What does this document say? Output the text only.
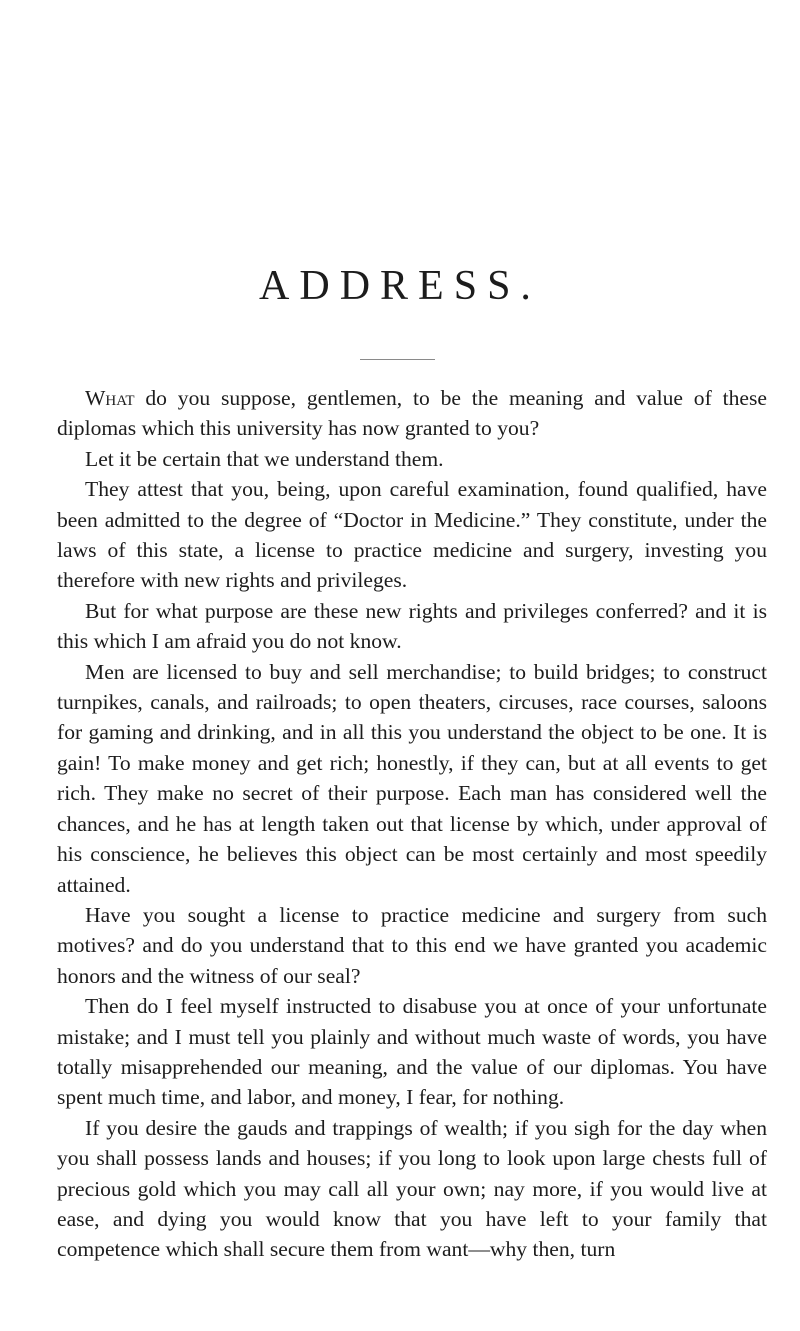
ADDRESS.

What do you suppose, gentlemen, to be the meaning and value of these diplomas which this university has now granted to you?

Let it be certain that we understand them.

They attest that you, being, upon careful examination, found qualified, have been admitted to the degree of “Doctor in Medicine.” They constitute, under the laws of this state, a license to practice medicine and surgery, investing you therefore with new rights and privileges.

But for what purpose are these new rights and privileges conferred? and it is this which I am afraid you do not know.

Men are licensed to buy and sell merchandise; to build bridges; to construct turnpikes, canals, and railroads; to open theaters, circuses, race courses, saloons for gaming and drinking, and in all this you understand the object to be one. It is gain! To make money and get rich; honestly, if they can, but at all events to get rich. They make no secret of their purpose. Each man has considered well the chances, and he has at length taken out that license by which, under approval of his conscience, he believes this object can be most certainly and most speedily attained.

Have you sought a license to practice medicine and surgery from such motives? and do you understand that to this end we have granted you academic honors and the witness of our seal?

Then do I feel myself instructed to disabuse you at once of your unfortunate mistake; and I must tell you plainly and without much waste of words, you have totally misapprehended our meaning, and the value of our diplomas. You have spent much time, and labor, and money, I fear, for nothing.

If you desire the gauds and trappings of wealth; if you sigh for the day when you shall possess lands and houses; if you long to look upon large chests full of precious gold which you may call all your own; nay more, if you would live at ease, and dying you would know that you have left to your family that competence which shall secure them from want—why then, turn
